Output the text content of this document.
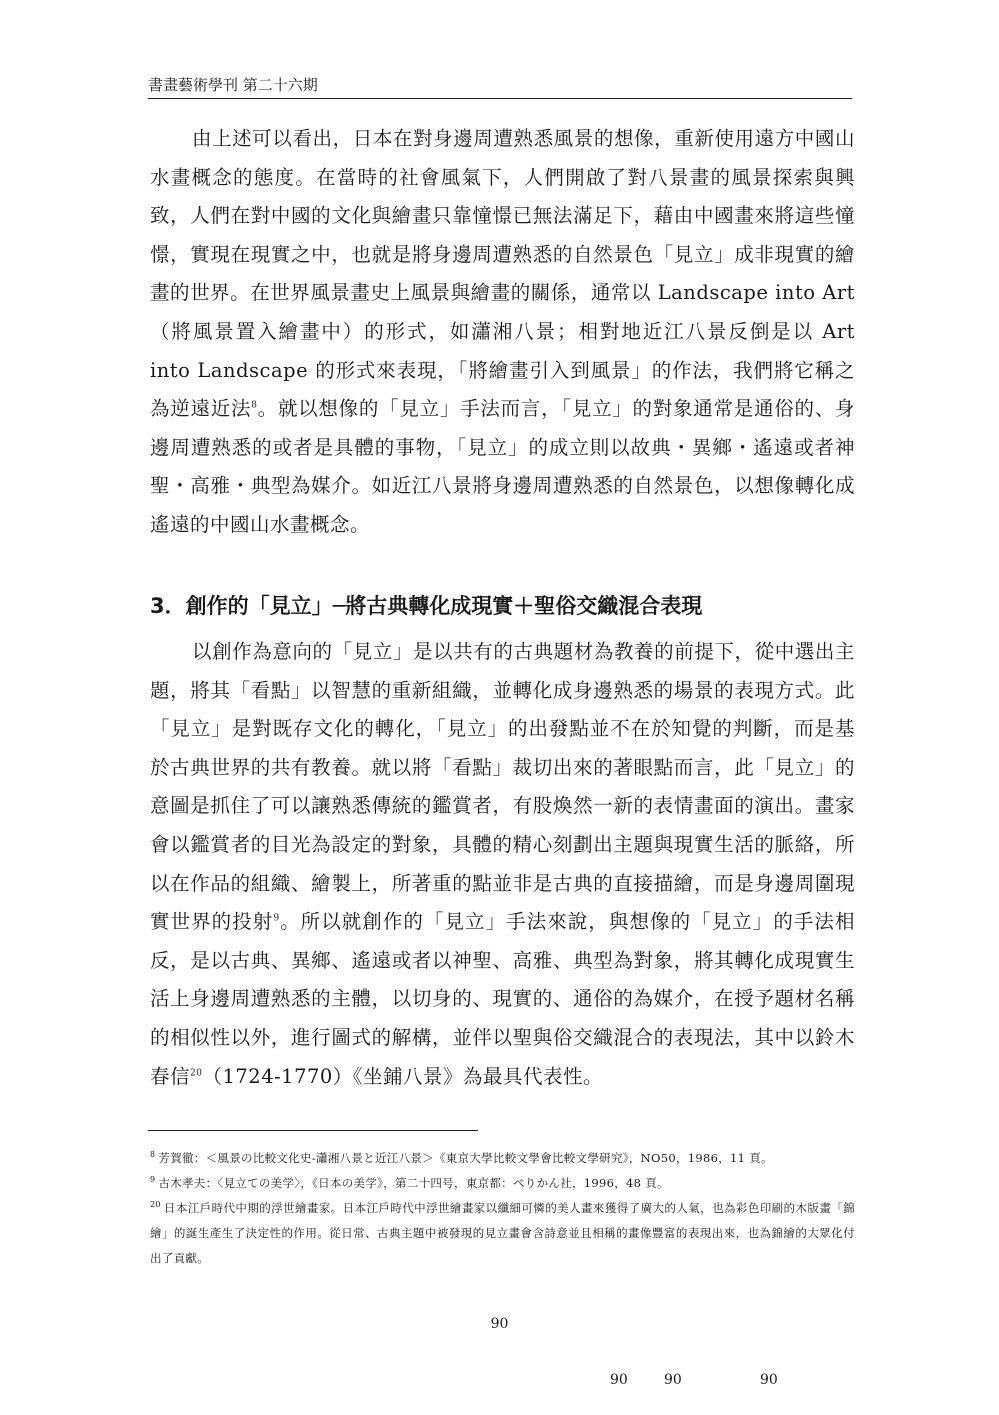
書畫藝術學刊 第二十六期

由上述可以看出，日本在對身邊周遭熟悉風景的想像，重新使用遠方中國山水畫概念的態度。在當時的社會風氣下，人們開啟了對八景畫的風景探索與興致，人們在對中國的文化與繪畫只靠憧憬已無法滿足下，藉由中國畫來將這些憧憬，實現在現實之中，也就是將身邊周遭熟悉的自然景色「見立」成非現實的繪畫的世界。在世界風景畫史上風景與繪畫的關係，通常以 Landscape into Art （將風景置入繪畫中）的形式，如瀟湘八景；相對地近江八景反倒是以 Art into Landscape 的形式來表現，「將繪畫引入到風景」的作法，我們將它稱之為逆遠近法$^8$。就以想像的「見立」手法而言，「見立」的對象通常是通俗的、身邊周遭熟悉的或者是具體的事物，「見立」的成立則以故典・異鄉・遙遠或者神聖・高雅・典型為媒介。如近江八景將身邊周遭熟悉的自然景色，以想像轉化成遙遠的中國山水畫概念。

3．創作的「見立」─將古典轉化成現實＋聖俗交織混合表現

以創作為意向的「見立」是以共有的古典題材為教養的前提下，從中選出主題，將其「看點」以智慧的重新組織，並轉化成身邊熟悉的場景的表現方式。此「見立」是對既存文化的轉化，「見立」的出發點並不在於知覺的判斷，而是基於古典世界的共有教養。就以將「看點」裁切出來的著眼點而言，此「見立」的意圖是抓住了可以讓熟悉傳統的鑑賞者，有股煥然一新的表情畫面的演出。畫家會以鑑賞者的目光為設定的對象，具體的精心刻劃出主題與現實生活的脈絡，所以在作品的組織、繪製上，所著重的點並非是古典的直接描繪，而是身邊周圍現實世界的投射$^9$。所以就創作的「見立」手法來說，與想像的「見立」的手法相反，是以古典、異鄉、遙遠或者以神聖、高雅、典型為對象，將其轉化成現實生活上身邊周遭熟悉的主體，以切身的、現實的、通俗的為媒介，在授予題材名稱的相似性以外，進行圖式的解構，並伴以聖與俗交織混合的表現法，其中以鈴木春信$^{20}$（1724-1770）《坐鋪八景》為最具代表性。

$^8$ 芳賀徹：＜風景の比較文化史-瀟湘八景と近江八景＞《東京大學比較文學會比較文學研究》，NO50，1986，11 頁。

$^9$ 古木孝夫：〈見立ての美学〉，《日本の美学》，第二十四号，東京都：ぺりかん社，1996，48 頁。

$^{20}$ 日本江戶時代中期的浮世繪畫家。日本江戶時代中浮世繪畫家以纖細可憐的美人畫來獲得了廣大的人氣，也為彩色印刷的木版畫「錦繪」的誕生產生了決定性的作用。從日常、古典主題中被發現的見立畫會含詩意並且相稱的畫像豐富的表現出來，也為錦繪的大眾化付出了貢獻。

90
90	90	90
